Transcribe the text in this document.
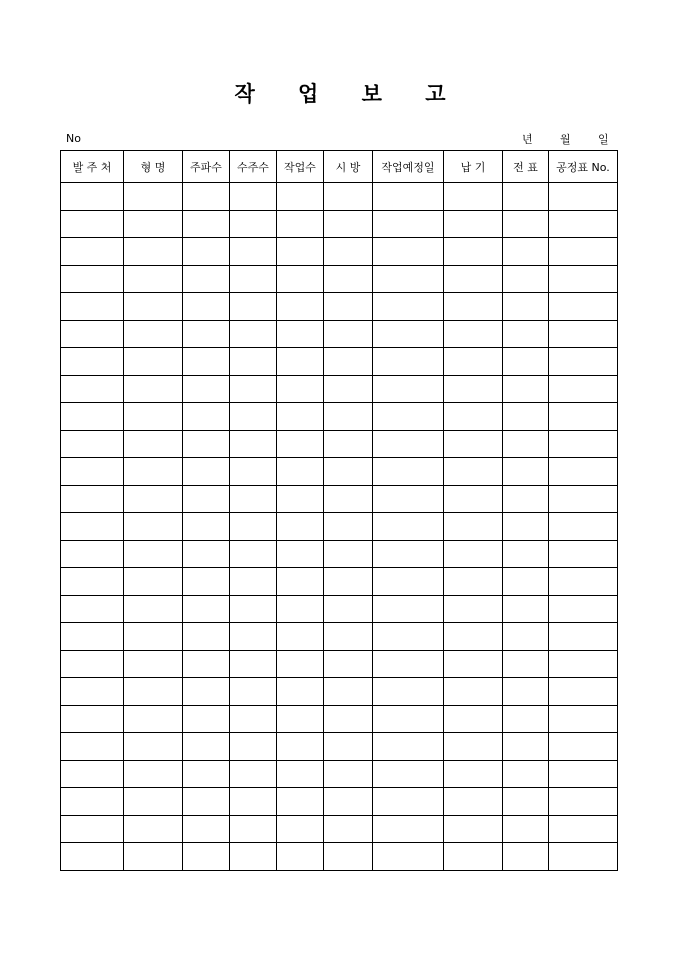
작 업 보 고
No	년 월 일
발 주 처	형 명	주파수	수주수	작업수	시 방	작업예정일	납 기	전 표	공정표 No.
